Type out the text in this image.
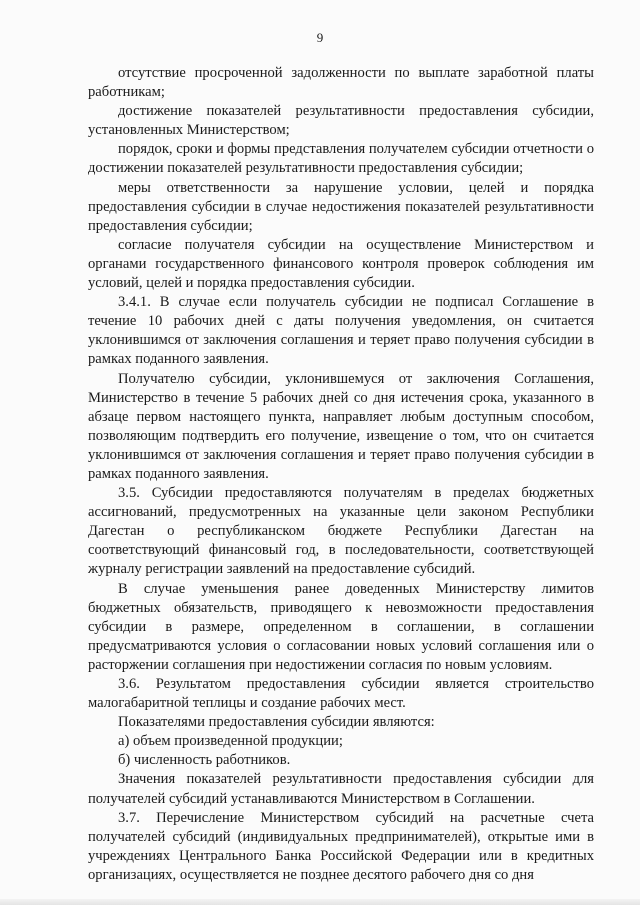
9

отсутствие просроченной задолженности по выплате заработной платы работникам;

достижение показателей результативности предоставления субсидии, установленных Министерством;

порядок, сроки и формы представления получателем субсидии отчетности о достижении показателей результативности предоставления субсидии;

меры ответственности за нарушение условии, целей и порядка предоставления субсидии в случае недостижения показателей результативности предоставления субсидии;

согласие получателя субсидии на осуществление Министерством и органами государственного финансового контроля проверок соблюдения им условий, целей и порядка предоставления субсидии.

3.4.1. В случае если получатель субсидии не подписал Соглашение в течение 10 рабочих дней с даты получения уведомления, он считается уклонившимся от заключения соглашения и теряет право получения субсидии в рамках поданного заявления.

Получателю субсидии, уклонившемуся от заключения Соглашения, Министерство в течение 5 рабочих дней со дня истечения срока, указанного в абзаце первом настоящего пункта, направляет любым доступным способом, позволяющим подтвердить его получение, извещение о том, что он считается уклонившимся от заключения соглашения и теряет право получения субсидии в рамках поданного заявления.

3.5. Субсидии предоставляются получателям в пределах бюджетных ассигнований, предусмотренных на указанные цели законом Республики Дагестан о республиканском бюджете Республики Дагестан на соответствующий финансовый год, в последовательности, соответствующей журналу регистрации заявлений на предоставление субсидий.

В случае уменьшения ранее доведенных Министерству лимитов бюджетных обязательств, приводящего к невозможности предоставления субсидии в размере, определенном в соглашении, в соглашении предусматриваются условия о согласовании новых условий соглашения или о расторжении соглашения при недостижении согласия по новым условиям.

3.6. Результатом предоставления субсидии является строительство малогабаритной теплицы и создание рабочих мест.

Показателями предоставления субсидии являются:

а) объем произведенной продукции;

б) численность работников.

Значения показателей результативности предоставления субсидии для получателей субсидий устанавливаются Министерством в Соглашении.

3.7. Перечисление Министерством субсидий на расчетные счета получателей субсидий (индивидуальных предпринимателей), открытые ими в учреждениях Центрального Банка Российской Федерации или в кредитных организациях, осуществляется не позднее десятого рабочего дня со дня
